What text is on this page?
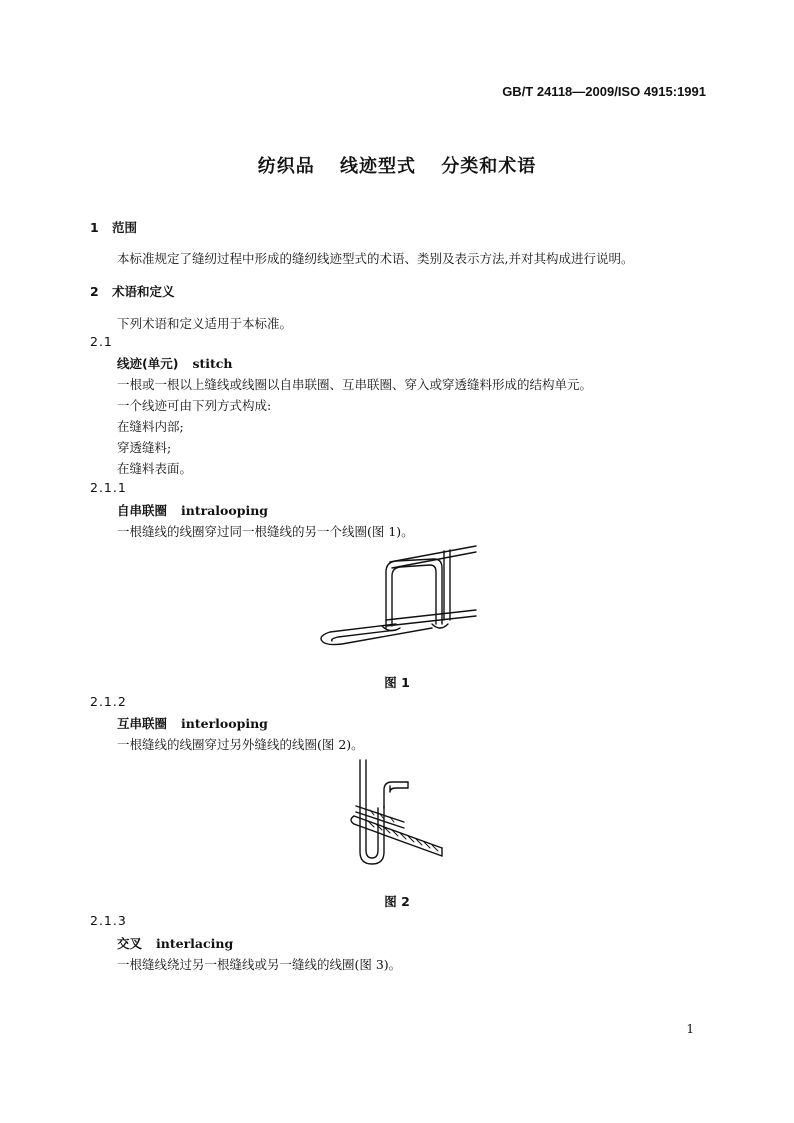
GB/T 24118—2009/ISO 4915:1991
纺织品 线迹型式 分类和术语
1 范围
本标准规定了缝纫过程中形成的缝纫线迹型式的术语、类别及表示方法,并对其构成进行说明。
2 术语和定义
下列术语和定义适用于本标准。
2.1
线迹(单元) stitch
一根或一根以上缝线或线圈以自串联圈、互串联圈、穿入或穿透缝料形成的结构单元。
一个线迹可由下列方式构成:
在缝料内部;
穿透缝料;
在缝料表面。
2.1.1
自串联圈 intralooping
一根缝线的线圈穿过同一根缝线的另一个线圈(图 1)。
图 1
2.1.2
互串联圈 interlooping
一根缝线的线圈穿过另外缝线的线圈(图 2)。
图 2
2.1.3
交叉 interlacing
一根缝线绕过另一根缝线或另一缝线的线圈(图 3)。
1
